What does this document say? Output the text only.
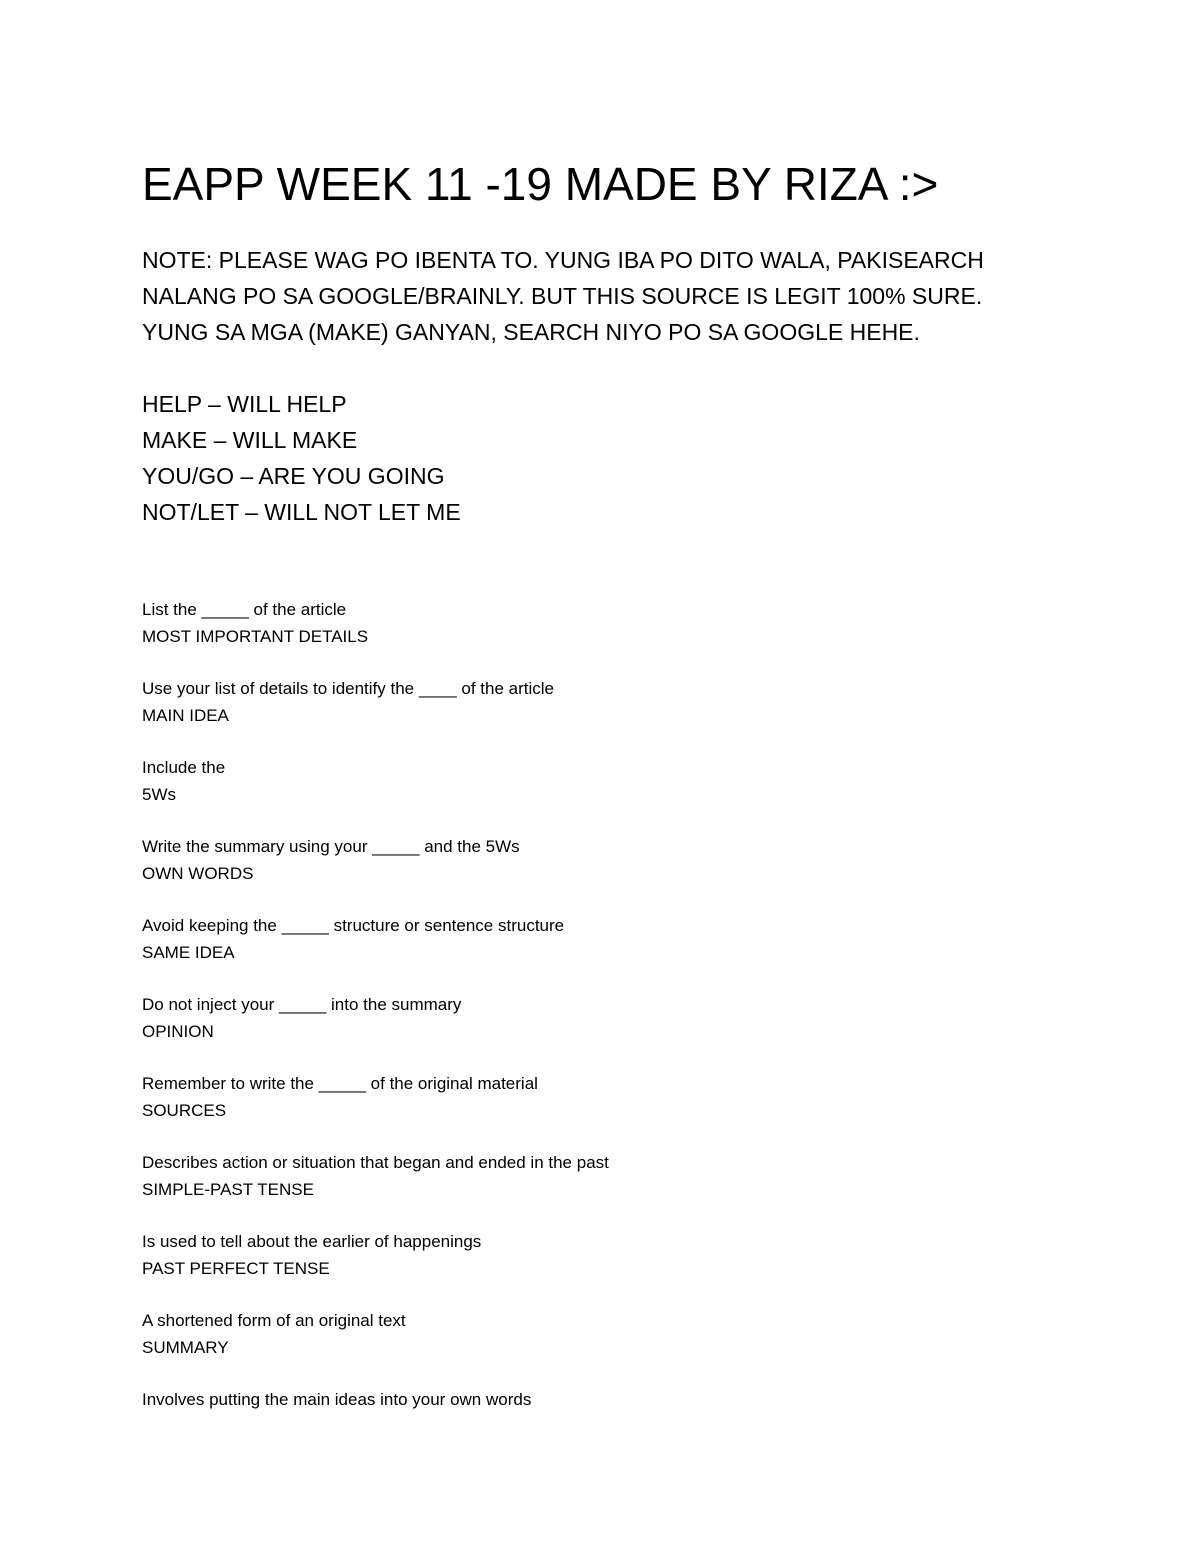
EAPP WEEK 11 -19 MADE BY RIZA :>
NOTE: PLEASE WAG PO IBENTA TO. YUNG IBA PO DITO WALA, PAKISEARCH
NALANG PO SA GOOGLE/BRAINLY. BUT THIS SOURCE IS LEGIT 100% SURE.
YUNG SA MGA (MAKE) GANYAN, SEARCH NIYO PO SA GOOGLE HEHE.
HELP – WILL HELP
MAKE – WILL MAKE
YOU/GO – ARE YOU GOING
NOT/LET – WILL NOT LET ME
List the _____ of the article
MOST IMPORTANT DETAILS
Use your list of details to identify the ____ of the article
MAIN IDEA
Include the
5Ws
Write the summary using your _____ and the 5Ws
OWN WORDS
Avoid keeping the _____ structure or sentence structure
SAME IDEA
Do not inject your _____ into the summary
OPINION
Remember to write the _____ of the original material
SOURCES
Describes action or situation that began and ended in the past
SIMPLE-PAST TENSE
Is used to tell about the earlier of happenings
PAST PERFECT TENSE
A shortened form of an original text
SUMMARY
Involves putting the main ideas into your own words
